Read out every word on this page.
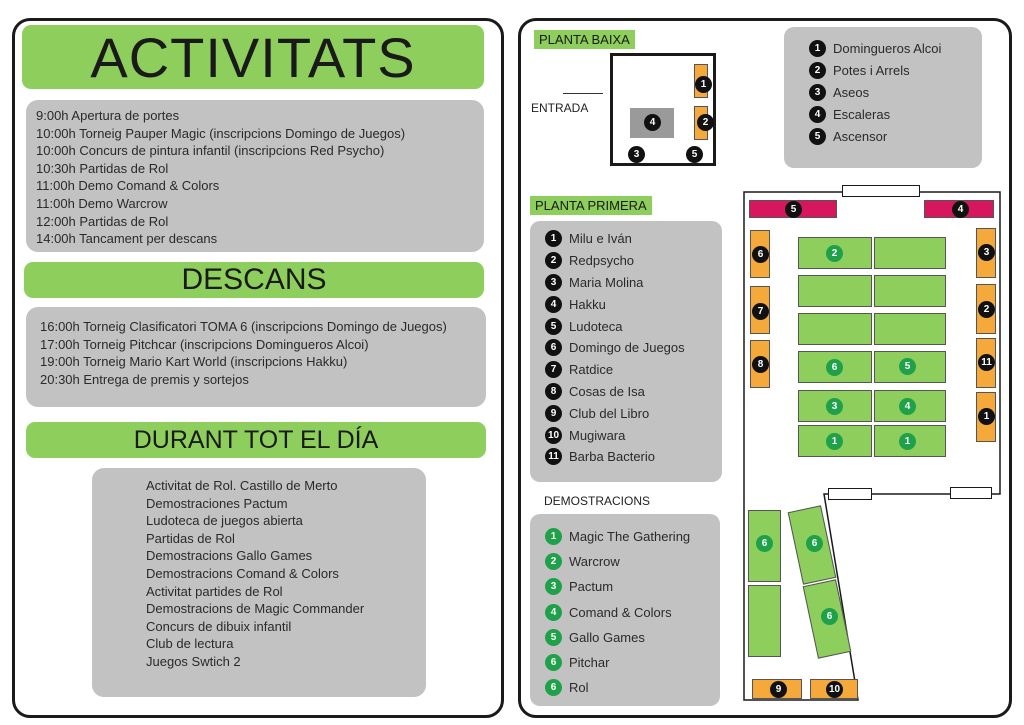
ACTIVITATS
9:00h Apertura de portes
10:00h Torneig Pauper Magic (inscripcions Domingo de Juegos)
10:00h Concurs de pintura infantil (inscripcions Red Psycho)
10:30h Partidas de Rol
11:00h Demo Comand & Colors
11:00h Demo Warcrow
12:00h Partidas de Rol
14:00h Tancament per descans
DESCANS
16:00h Torneig Clasificatori TOMA 6 (inscripcions Domingo de Juegos)
17:00h Torneig Pitchcar (inscripcions Domingueros Alcoi)
19:00h Torneig Mario Kart World (inscripcions Hakku)
20:30h Entrega de premis y sortejos
DURANT TOT EL DÍA
Activitat de Rol. Castillo de Merto
Demostraciones Pactum
Ludoteca de juegos abierta
Partidas de Rol
Demostracions Gallo Games
Demostracions Comand & Colors
Activitat partides de Rol
Demostracions de Magic Commander
Concurs de dibuix infantil
Club de lectura
Juegos Swtich 2
PLANTA BAIXA
ENTRADA
1
2
4
3	5
1 Domingueros Alcoi
2 Potes i Arrels
3 Aseos
4 Escaleras
5 Ascensor
PLANTA PRIMERA
1 Milu e Iván
2 Redpsycho
3 Maria Molina
4 Hakku
5 Ludoteca
6 Domingo de Juegos
7 Ratdice
8 Cosas de Isa
9 Club del Libro
10 Mugiwara
11 Barba Bacterio
DEMOSTRACIONS
1 Magic The Gathering
2 Warcrow
3 Pactum
4 Comand & Colors
5 Gallo Games
6 Pitchar
6 Rol
5	4
6
7
8
3
2
11
1
2
6	5
3	4
1	1
6	6
6
9	10
